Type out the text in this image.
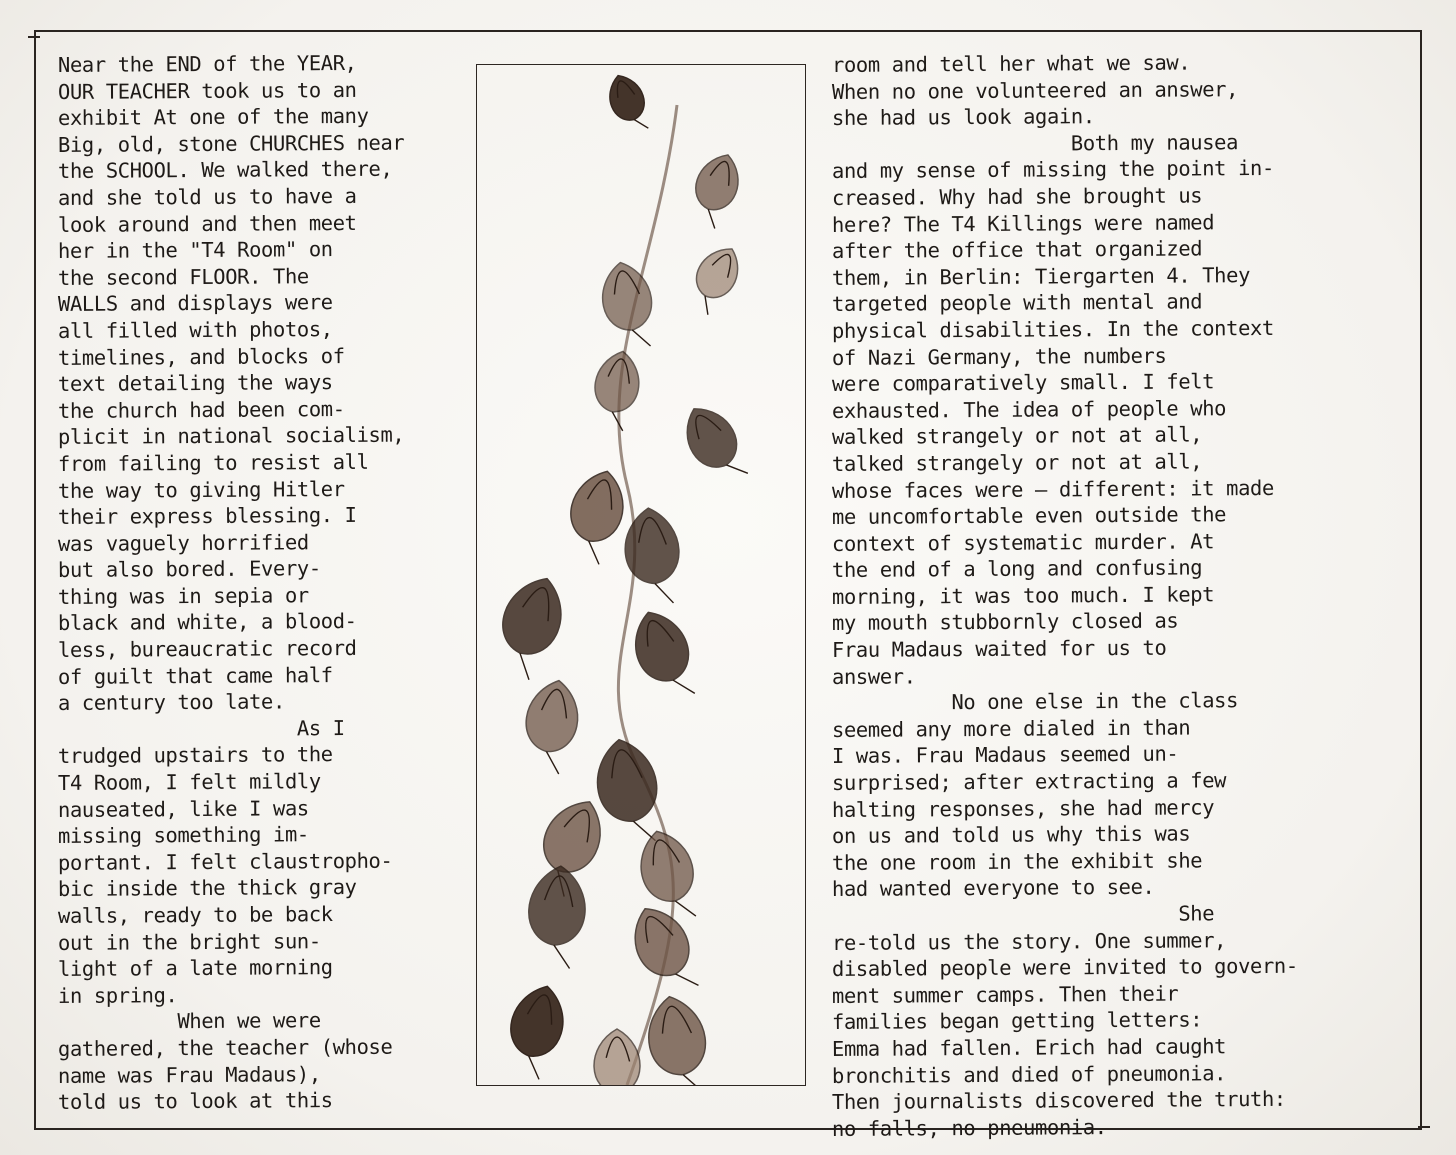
Near the END of the YEAR,
OUR TEACHER took us to an
exhibit At one of the many
Big, old, stone CHURCHES near
the SCHOOL. We walked there,
and she told us to have a
look around and then meet
her in the "T4 Room" on
the second FLOOR. The
WALLS and displays were
all filled with photos,
timelines, and blocks of
text detailing the ways
the church had been com-
plicit in national socialism,
from failing to resist all
the way to giving Hitler
their express blessing. I
was vaguely horrified
but also bored. Every-
thing was in sepia or
black and white, a blood-
less, bureaucratic record
of guilt that came half
a century too late.
As I
trudged upstairs to the
T4 Room, I felt mildly
nauseated, like I was
missing something im-
portant. I felt claustropho-
bic inside the thick gray
walls, ready to be back
out in the bright sun-
light of a late morning
in spring.
When we were
gathered, the teacher (whose
name was Frau Madaus),
told us to look at this
room and tell her what we saw.
When no one volunteered an answer,
she had us look again.
Both my nausea
and my sense of missing the point in-
creased. Why had she brought us
here? The T4 Killings were named
after the office that organized
them, in Berlin: Tiergarten 4. They
targeted people with mental and
physical disabilities. In the context
of Nazi Germany, the numbers
were comparatively small. I felt
exhausted. The idea of people who
walked strangely or not at all,
talked strangely or not at all,
whose faces were — different: it made
me uncomfortable even outside the
context of systematic murder. At
the end of a long and confusing
morning, it was too much. I kept
my mouth stubbornly closed as
Frau Madaus waited for us to
answer.
No one else in the class
seemed any more dialed in than
I was. Frau Madaus seemed un-
surprised; after extracting a few
halting responses, she had mercy
on us and told us why this was
the one room in the exhibit she
had wanted everyone to see.
She
re-told us the story. One summer,
disabled people were invited to govern-
ment summer camps. Then their
families began getting letters:
Emma had fallen. Erich had caught
bronchitis and died of pneumonia.
Then journalists discovered the truth:
no falls, no pneumonia.
